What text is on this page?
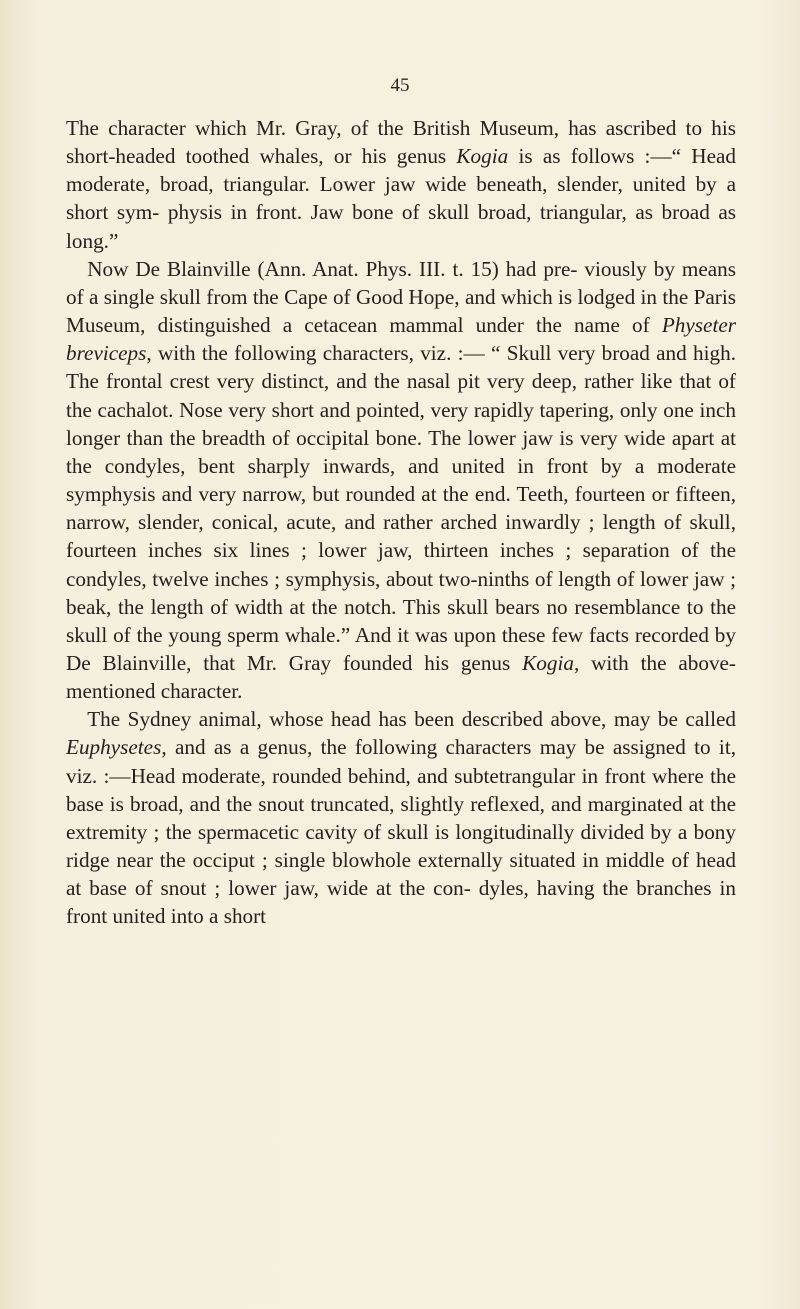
45

The character which Mr. Gray, of the British Museum, has ascribed to his short-headed toothed whales, or his genus Kogia is as follows :—“ Head moderate, broad, triangular. Lower jaw wide beneath, slender, united by a short sym- physis in front. Jaw bone of skull broad, triangular, as broad as long.”

 Now De Blainville (Ann. Anat. Phys. III. t. 15) had pre- viously by means of a single skull from the Cape of Good Hope, and which is lodged in the Paris Museum, distinguished a cetacean mammal under the name of Physeter breviceps, with the following characters, viz. :— “ Skull very broad and high. The frontal crest very distinct, and the nasal pit very deep, rather like that of the cachalot. Nose very short and pointed, very rapidly tapering, only one inch longer than the breadth of occipital bone. The lower jaw is very wide apart at the condyles, bent sharply inwards, and united in front by a moderate symphysis and very narrow, but rounded at the end. Teeth, fourteen or fifteen, narrow, slender, conical, acute, and rather arched inwardly ; length of skull, fourteen inches six lines ; lower jaw, thirteen inches ; separation of the condyles, twelve inches ; symphysis, about two-ninths of length of lower jaw ; beak, the length of width at the notch. This skull bears no resemblance to the skull of the young sperm whale.” And it was upon these few facts recorded by De Blainville, that Mr. Gray founded his genus Kogia, with the above- mentioned character.

 The Sydney animal, whose head has been described above, may be called Euphysetes, and as a genus, the following characters may be assigned to it, viz. :—Head moderate, rounded behind, and subtetrangular in front where the base is broad, and the snout truncated, slightly reflexed, and marginated at the extremity ; the spermacetic cavity of skull is longitudinally divided by a bony ridge near the occiput ; single blowhole externally situated in middle of head at base of snout ; lower jaw, wide at the con- dyles, having the branches in front united into a short
